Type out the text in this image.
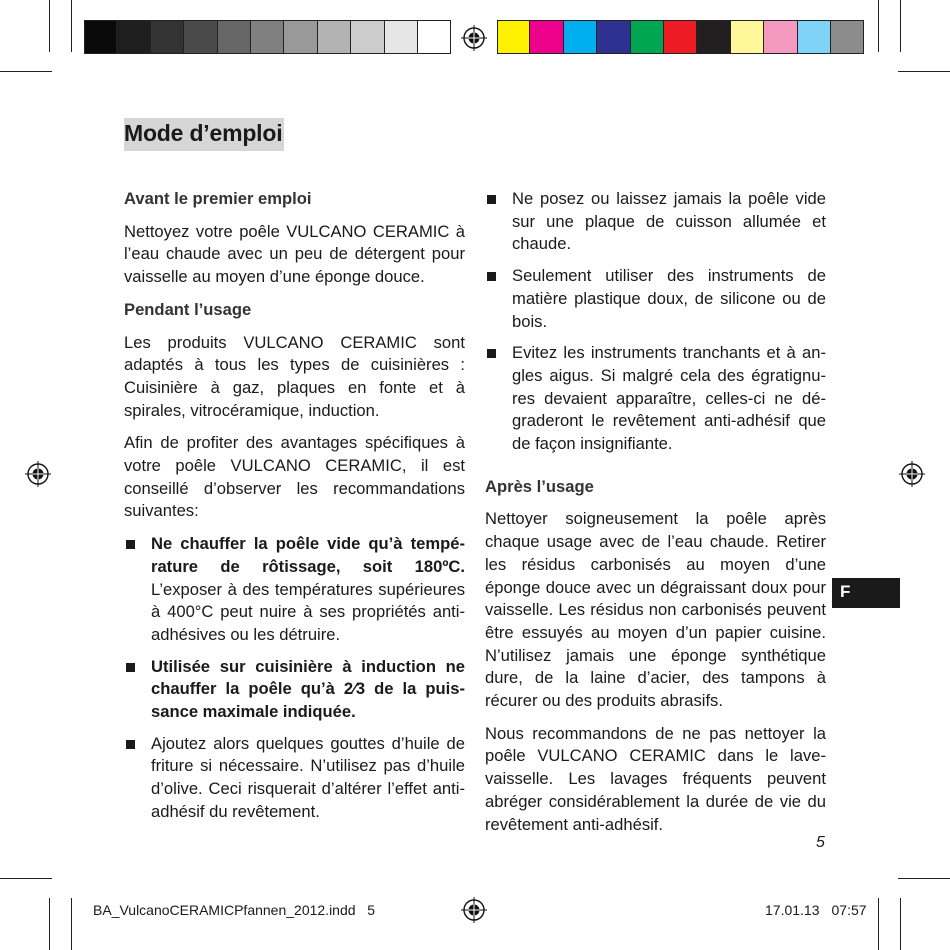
Mode d’emploi
Avant le premier emploi

Nettoyez votre poêle VULCANO CERAMIC à l’eau chaude avec un peu de détergent pour vaisselle au moyen d’une éponge douce.

Pendant l’usage

Les produits VULCANO CERAMIC sont adaptés à tous les types de cuisinières : Cuisinière à gaz, plaques en fonte et à spirales, vitrocéramique, induction.

Afin de profiter des avantages spécifiques à votre poêle VULCANO CERAMIC, il est conseillé d’observer les recommandations suivantes:

Ne chauffer la poêle vide qu’à température de rôtissage, soit 180ºC. L’exposer à des températures supérieures à 400°C peut nuire à ses propriétés anti-adhésives ou les détruire.
Utilisée sur cuisinière à induction ne chauffer la poêle qu’à 2⁄3 de la puissance maximale indiquée.
Ajoutez alors quelques gouttes d’huile de friture si nécessaire. N’utilisez pas d’huile d’olive. Ceci risquerait d’altérer l’effet anti-adhésif du revêtement.
Ne posez ou laissez jamais la poêle vide sur une plaque de cuisson allumée et chaude.
Seulement utiliser des instruments de matière plastique doux, de silicone ou de bois.
Evitez les instruments tranchants et à angles aigus. Si malgré cela des égratignures devaient apparaître, celles-ci ne dégraderont le revêtement anti-adhésif que de façon insignifiante.
Après l’usage

Nettoyer soigneusement la poêle après chaque usage avec de l’eau chaude. Retirer les résidus carbonisés au moyen d’une éponge douce avec un dégraissant doux pour vaisselle. Les résidus non carbonisés peuvent être essuyés au moyen d’un papier cuisine. N’utilisez jamais une éponge synthétique dure, de la laine d’acier, des tampons à récurer ou des produits abrasifs.

Nous recommandons de ne pas nettoyer la poêle VULCANO CERAMIC dans le lave-vaisselle. Les lavages fréquents peuvent abréger considérablement la durée de vie du revêtement anti-adhésif.

F
5
BA_VulcanoCERAMICPfannen_2012.indd   5	17.01.13 07:57
